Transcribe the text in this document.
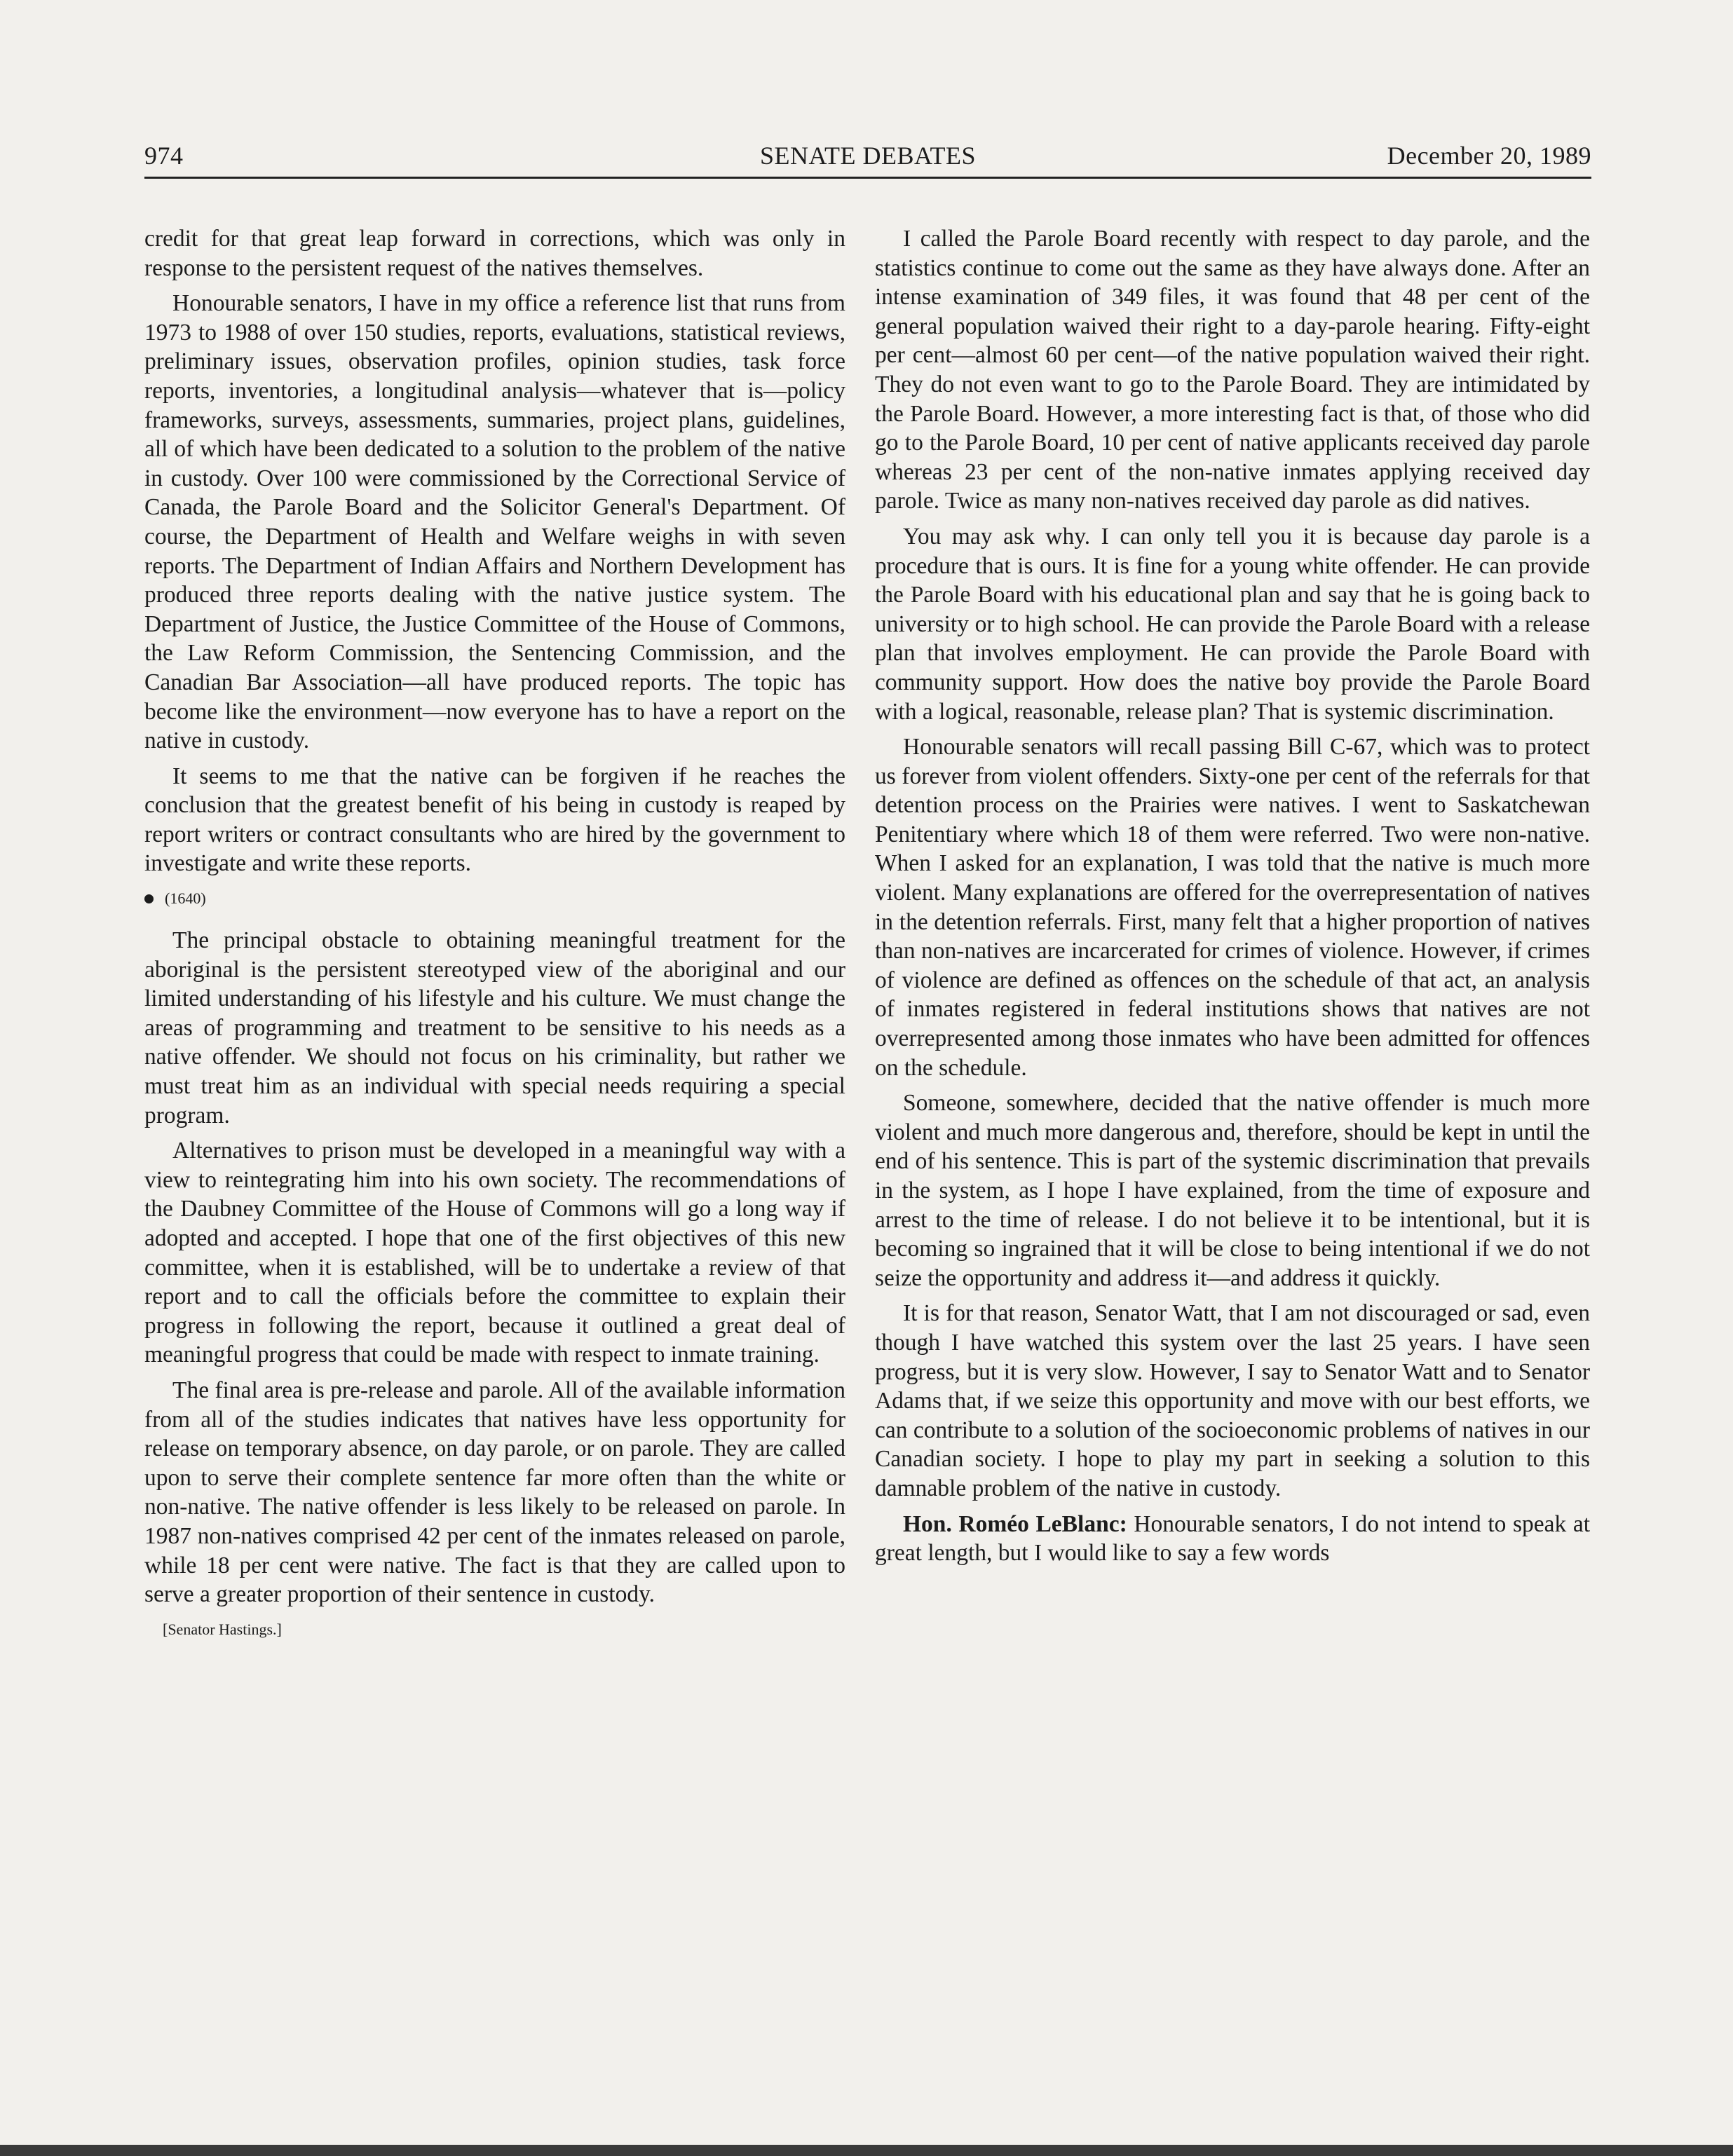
974	SENATE DEBATES	December 20, 1989

credit for that great leap forward in corrections, which was only in response to the persistent request of the natives themselves.

Honourable senators, I have in my office a reference list that runs from 1973 to 1988 of over 150 studies, reports, evaluations, statistical reviews, preliminary issues, observation profiles, opinion studies, task force reports, inventories, a longitudinal analysis—whatever that is—policy frameworks, surveys, assessments, summaries, project plans, guidelines, all of which have been dedicated to a solution to the problem of the native in custody. Over 100 were commissioned by the Correctional Service of Canada, the Parole Board and the Solicitor General's Department. Of course, the Department of Health and Welfare weighs in with seven reports. The Department of Indian Affairs and Northern Development has produced three reports dealing with the native justice system. The Department of Justice, the Justice Committee of the House of Commons, the Law Reform Commission, the Sentencing Commission, and the Canadian Bar Association—all have produced reports. The topic has become like the environment—now everyone has to have a report on the native in custody.

It seems to me that the native can be forgiven if he reaches the conclusion that the greatest benefit of his being in custody is reaped by report writers or contract consultants who are hired by the government to investigate and write these reports.

(1640)

The principal obstacle to obtaining meaningful treatment for the aboriginal is the persistent stereotyped view of the aboriginal and our limited understanding of his lifestyle and his culture. We must change the areas of programming and treatment to be sensitive to his needs as a native offender. We should not focus on his criminality, but rather we must treat him as an individual with special needs requiring a special program.

Alternatives to prison must be developed in a meaningful way with a view to reintegrating him into his own society. The recommendations of the Daubney Committee of the House of Commons will go a long way if adopted and accepted. I hope that one of the first objectives of this new committee, when it is established, will be to undertake a review of that report and to call the officials before the committee to explain their progress in following the report, because it outlined a great deal of meaningful progress that could be made with respect to inmate training.

The final area is pre-release and parole. All of the available information from all of the studies indicates that natives have less opportunity for release on temporary absence, on day parole, or on parole. They are called upon to serve their complete sentence far more often than the white or non-native. The native offender is less likely to be released on parole. In 1987 non-natives comprised 42 per cent of the inmates released on parole, while 18 per cent were native. The fact is that they are called upon to serve a greater proportion of their sentence in custody.

[Senator Hastings.]

I called the Parole Board recently with respect to day parole, and the statistics continue to come out the same as they have always done. After an intense examination of 349 files, it was found that 48 per cent of the general population waived their right to a day-parole hearing. Fifty-eight per cent—almost 60 per cent—of the native population waived their right. They do not even want to go to the Parole Board. They are intimidated by the Parole Board. However, a more interesting fact is that, of those who did go to the Parole Board, 10 per cent of native applicants received day parole whereas 23 per cent of the non-native inmates applying received day parole. Twice as many non-natives received day parole as did natives.

You may ask why. I can only tell you it is because day parole is a procedure that is ours. It is fine for a young white offender. He can provide the Parole Board with his educational plan and say that he is going back to university or to high school. He can provide the Parole Board with a release plan that involves employment. He can provide the Parole Board with community support. How does the native boy provide the Parole Board with a logical, reasonable, release plan? That is systemic discrimination.

Honourable senators will recall passing Bill C-67, which was to protect us forever from violent offenders. Sixty-one per cent of the referrals for that detention process on the Prairies were natives. I went to Saskatchewan Penitentiary where which 18 of them were referred. Two were non-native. When I asked for an explanation, I was told that the native is much more violent. Many explanations are offered for the overrepresentation of natives in the detention referrals. First, many felt that a higher proportion of natives than non-natives are incarcerated for crimes of violence. However, if crimes of violence are defined as offences on the schedule of that act, an analysis of inmates registered in federal institutions shows that natives are not overrepresented among those inmates who have been admitted for offences on the schedule.

Someone, somewhere, decided that the native offender is much more violent and much more dangerous and, therefore, should be kept in until the end of his sentence. This is part of the systemic discrimination that prevails in the system, as I hope I have explained, from the time of exposure and arrest to the time of release. I do not believe it to be intentional, but it is becoming so ingrained that it will be close to being intentional if we do not seize the opportunity and address it—and address it quickly.

It is for that reason, Senator Watt, that I am not discouraged or sad, even though I have watched this system over the last 25 years. I have seen progress, but it is very slow. However, I say to Senator Watt and to Senator Adams that, if we seize this opportunity and move with our best efforts, we can contribute to a solution of the socioeconomic problems of natives in our Canadian society. I hope to play my part in seeking a solution to this damnable problem of the native in custody.

Hon. Roméo LeBlanc: Honourable senators, I do not intend to speak at great length, but I would like to say a few words
